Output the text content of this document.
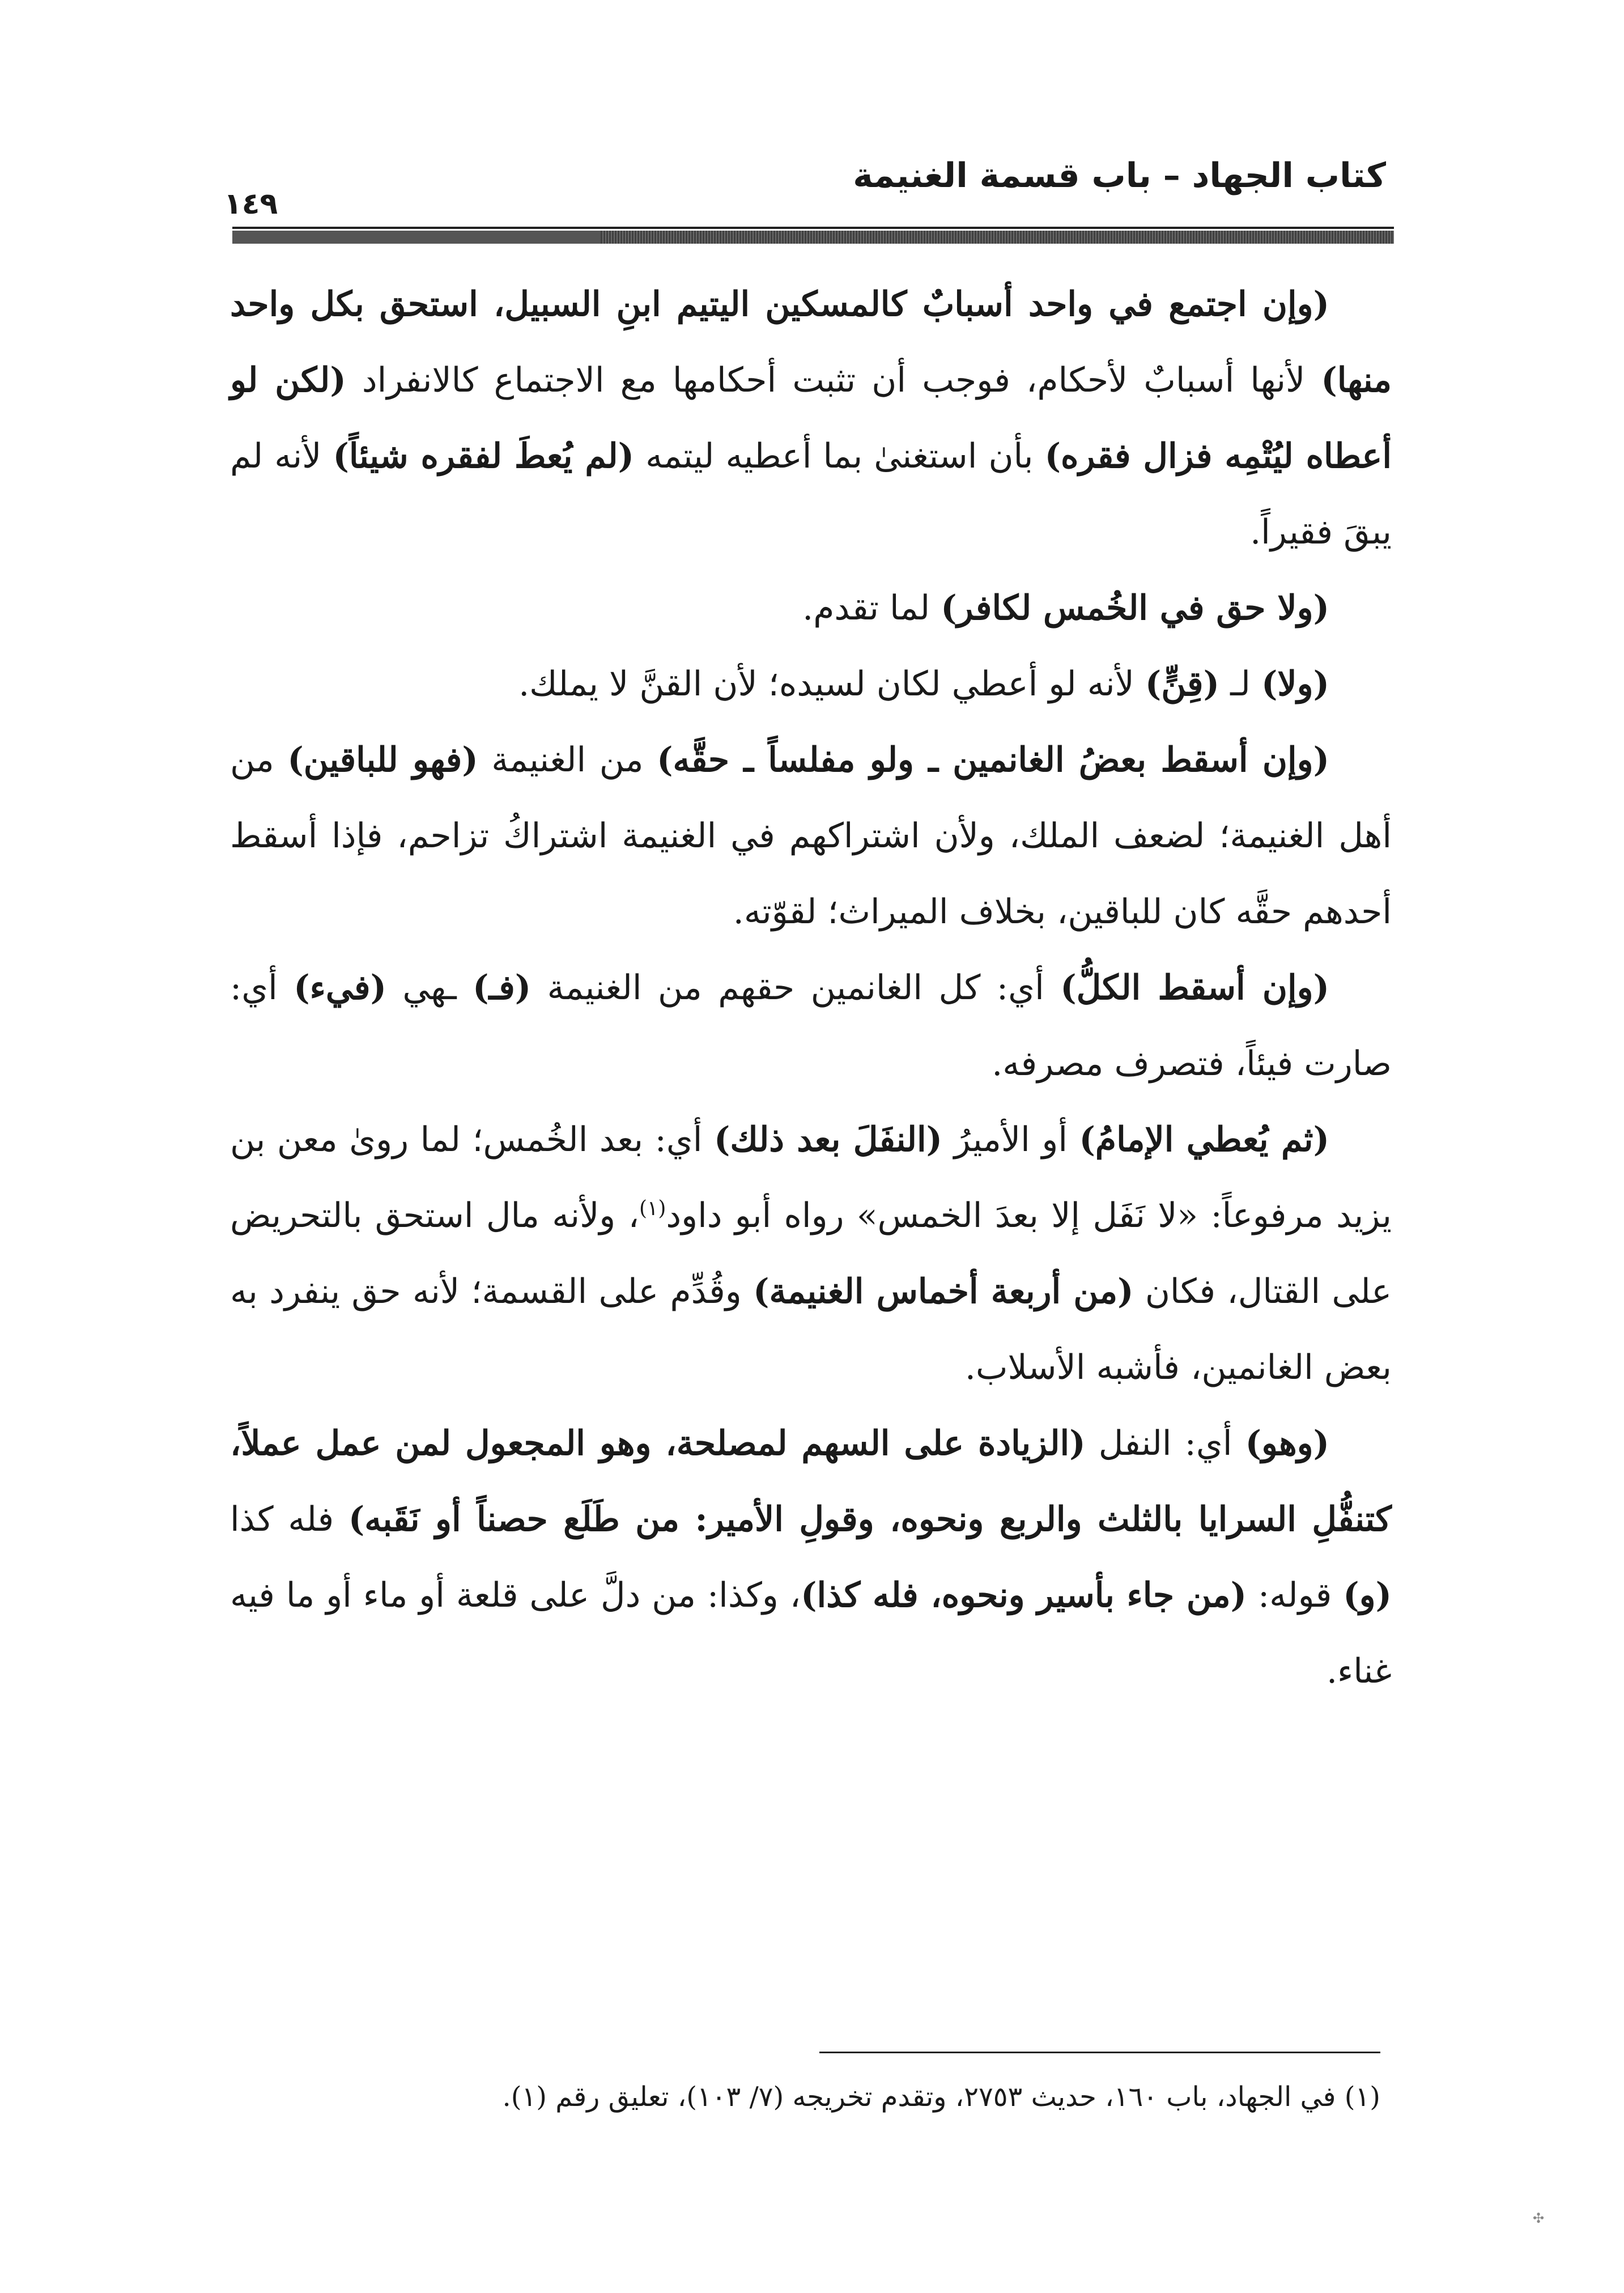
كتاب الجهاد – باب قسمة الغنيمة
١٤٩

(وإن اجتمع في واحد أسبابٌ كالمسكين اليتيم ابنِ السبيل، استحق بكل واحد منها) لأنها أسبابٌ لأحكام، فوجب أن تثبت أحكامها مع الاجتماع كالانفراد (لكن لو أعطاه ليُتْمِه فزال فقره) بأن استغنىٰ بما أعطيه ليتمه (لم يُعطَ لفقره شيئاً) لأنه لم يبقَ فقيراً.

(ولا حق في الخُمس لكافر) لما تقدم.

(ولا) لـ (قِنٍّ) لأنه لو أعطي لكان لسيده؛ لأن القنَّ لا يملك.

(وإن أسقط بعضُ الغانمين ـ ولو مفلساً ـ حقَّه) من الغنيمة (فهو للباقين) من أهل الغنيمة؛ لضعف الملك، ولأن اشتراكهم في الغنيمة اشتراكُ تزاحم، فإذا أسقط أحدهم حقَّه كان للباقين، بخلاف الميراث؛ لقوّته.

(وإن أسقط الكلُّ) أي: كل الغانمين حقهم من الغنيمة (فـ) ـهي (فيء) أي: صارت فيئاً، فتصرف مصرفه.

(ثم يُعطي الإمامُ) أو الأميرُ (النفَلَ بعد ذلك) أي: بعد الخُمس؛ لما روىٰ معن بن يزيد مرفوعاً: «لا نَفَل إلا بعدَ الخمس» رواه أبو داود$^{(١)}$، ولأنه مال استحق بالتحريض على القتال، فكان (من أربعة أخماس الغنيمة) وقُدِّم على القسمة؛ لأنه حق ينفرد به بعض الغانمين، فأشبه الأسلاب.

(وهو) أي: النفل (الزيادة على السهم لمصلحة، وهو المجعول لمن عمل عملاً، كتنفُّلِ السرايا بالثلث والربع ونحوه، وقولِ الأمير: من طَلَع حصناً أو نَقَبه) فله كذا (و) قوله: (من جاء بأسير ونحوه، فله كذا)، وكذا: من دلَّ على قلعة أو ماء أو ما فيه غناء.

(١) في الجهاد، باب ١٦٠، حديث ٢٧٥٣، وتقدم تخريجه (٧/ ١٠٣)، تعليق رقم (١).
✣
